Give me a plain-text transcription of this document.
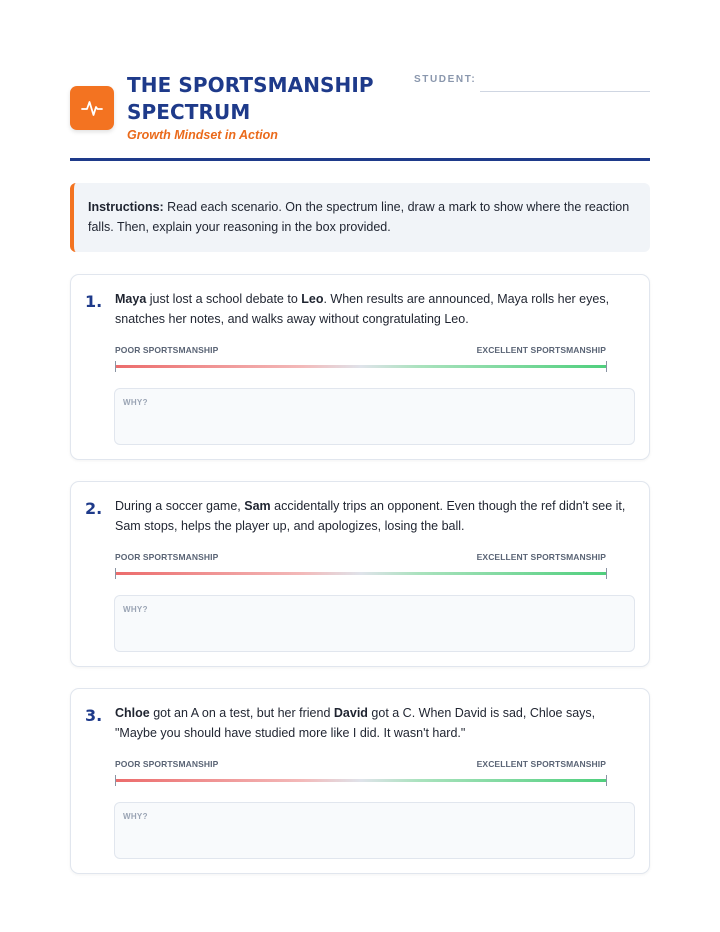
THE SPORTSMANSHIP
SPECTRUM
Growth Mindset in Action
STUDENT:
Instructions: Read each scenario. On the spectrum line, draw a mark to show where the reaction falls. Then, explain your reasoning in the box provided.
1. Maya just lost a school debate to Leo. When results are announced, Maya rolls her eyes, snatches her notes, and walks away without congratulating Leo.
POOR SPORTSMANSHIP	EXCELLENT SPORTSMANSHIP
WHY?
2. During a soccer game, Sam accidentally trips an opponent. Even though the ref didn't see it, Sam stops, helps the player up, and apologizes, losing the ball.
POOR SPORTSMANSHIP	EXCELLENT SPORTSMANSHIP
WHY?
3. Chloe got an A on a test, but her friend David got a C. When David is sad, Chloe says, "Maybe you should have studied more like I did. It wasn't hard."
POOR SPORTSMANSHIP	EXCELLENT SPORTSMANSHIP
WHY?
